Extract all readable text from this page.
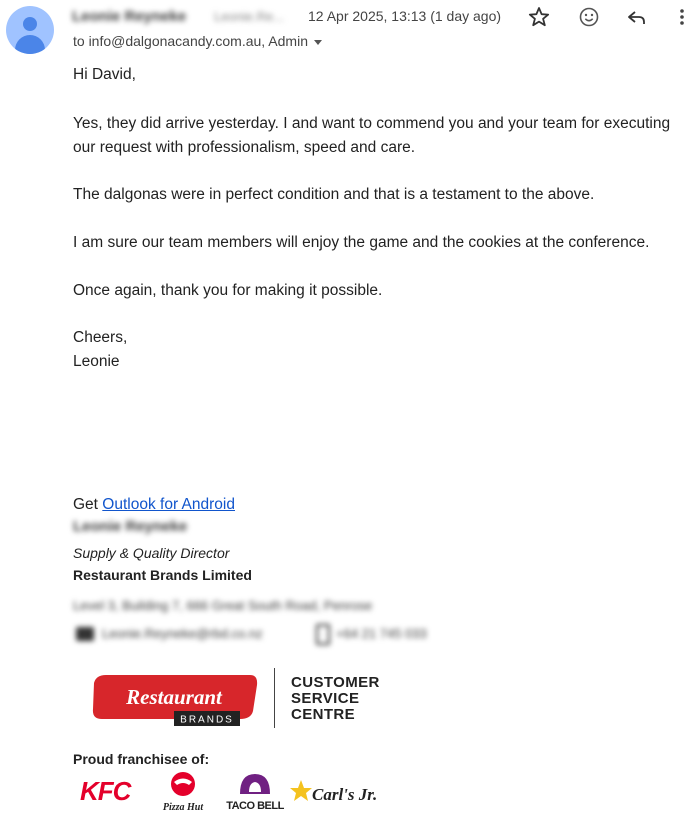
Leonie Reyneke Leonie.Re... 12 Apr 2025, 13:13 (1 day ago)
to info@dalgonacandy.com.au, Admin
Hi David,
Yes, they did arrive yesterday. I and want to commend you and your team for executing
our request with professionalism, speed and care.
The dalgonas were in perfect condition and that is a testament to the above.
I am sure our team members will enjoy the game and the cookies at the conference.
Once again, thank you for making it possible.
Cheers,
Leonie
Get Outlook for Android
Leonie Reyneke
Supply & Quality Director
Restaurant Brands Limited
Level 3, Building 7, 666 Great South Road, Penrose
Leonie.Reyneke@rbd.co.nz	+64 21 745 033
Restaurant
BRANDS
CUSTOMER
SERVICE
CENTRE
Proud franchisee of:
KFC
Pizza Hut TACO BELL
Carl's Jr.
